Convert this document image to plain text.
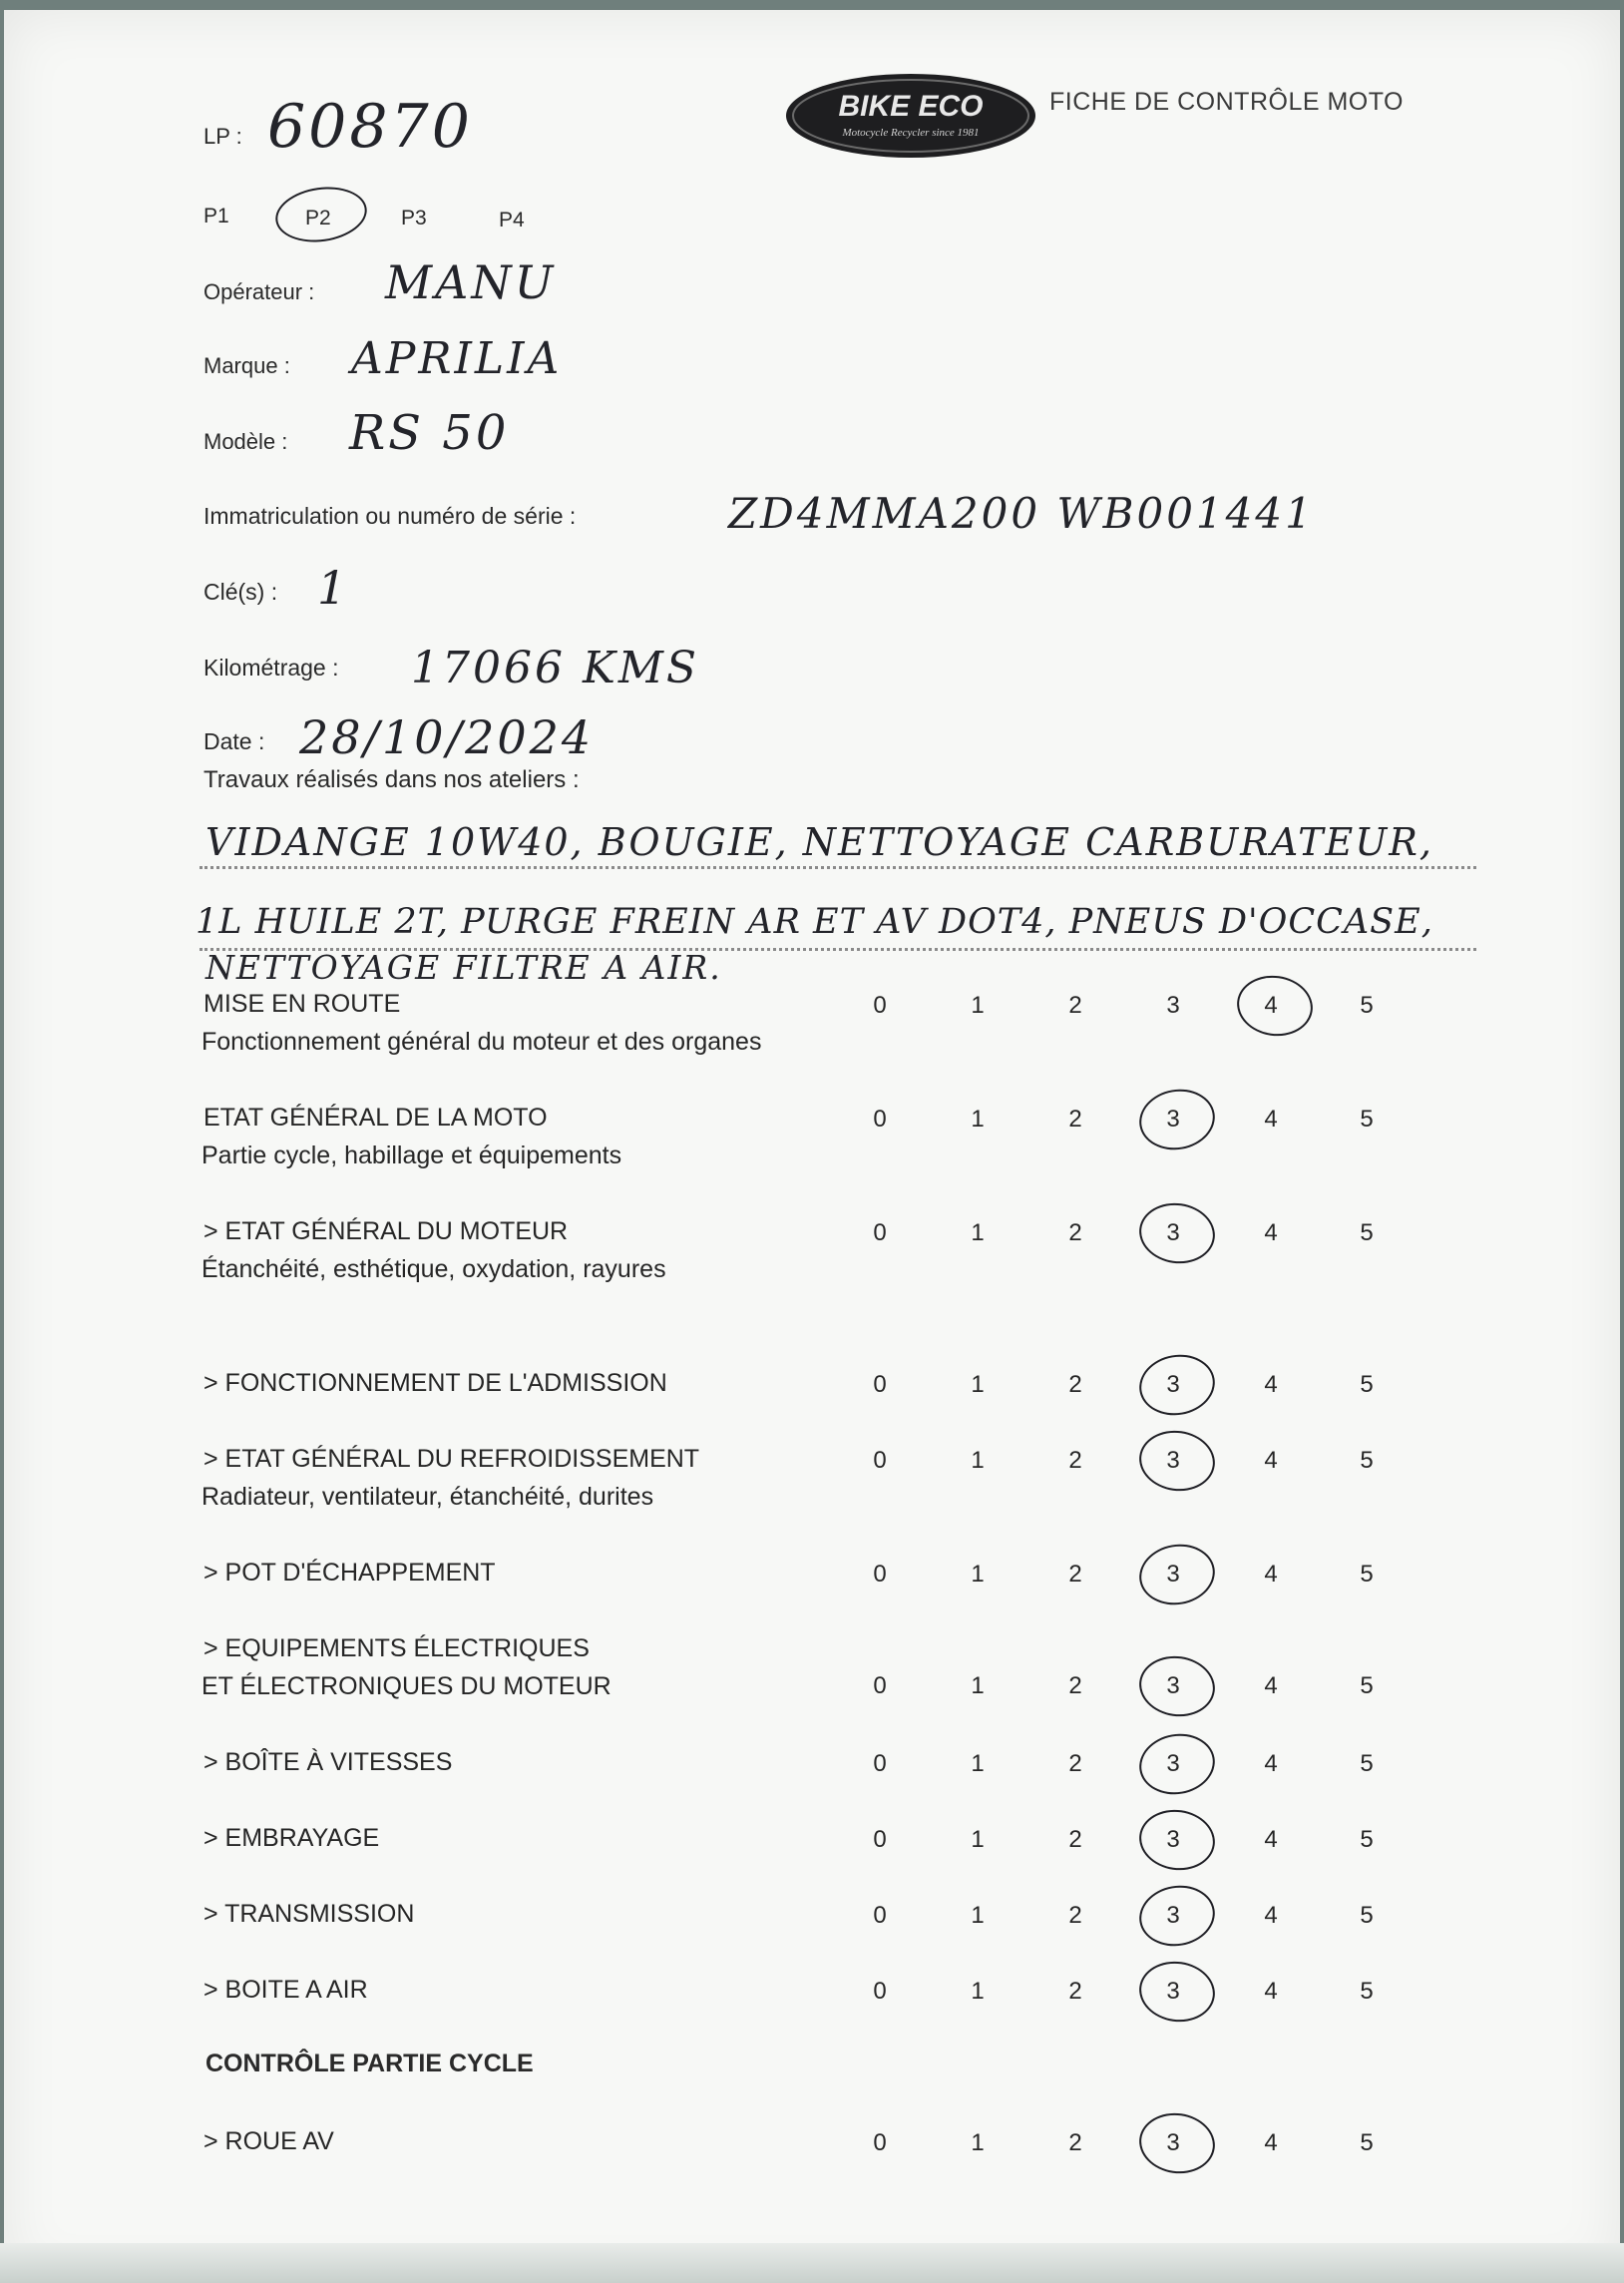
BIKE ECO
Motocycle Recycler since 1981
FICHE DE CONTRÔLE MOTO
LP : 60870
P1	P2	P3	P4
Opérateur : MANU
Marque : APRILIA
Modèle : RS 50
Immatriculation ou numéro de série :	ZD4MMA200 WB001441
Clé(s) : 1
Kilométrage : 17066 KMS
Date : 28/10/2024
Travaux réalisés dans nos ateliers :
VIDANGE 10W40, BOUGIE, NETTOYAGE CARBURATEUR,
1L HUILE 2T, PURGE FREIN AR ET AV DOT4, PNEUS D'OCCASE,
NETTOYAGE FILTRE A AIR.
MISE EN ROUTE
Fonctionnement général du moteur et des organes
0	1	2	3	4	5
ETAT GÉNÉRAL DE LA MOTO
Partie cycle, habillage et équipements
0	1	2	3	4	5
> ETAT GÉNÉRAL DU MOTEUR
Étanchéité, esthétique, oxydation, rayures
0	1	2	3	4	5
> FONCTIONNEMENT DE L'ADMISSION	0	1	2	3	4	5
> ETAT GÉNÉRAL DU REFROIDISSEMENT
Radiateur, ventilateur, étanchéité, durites
0	1	2	3	4	5
> POT D'ÉCHAPPEMENT	0	1	2	3	4	5
> EQUIPEMENTS ÉLECTRIQUES
ET ÉLECTRONIQUES DU MOTEUR	0	1	2	3	4	5
> BOÎTE À VITESSES	0	1	2	3	4	5
> EMBRAYAGE	0	1	2	3	4	5
> TRANSMISSION	0	1	2	3	4	5
> BOITE A AIR	0	1	2	3	4	5
CONTRÔLE PARTIE CYCLE
> ROUE AV	0	1	2	3	4	5
